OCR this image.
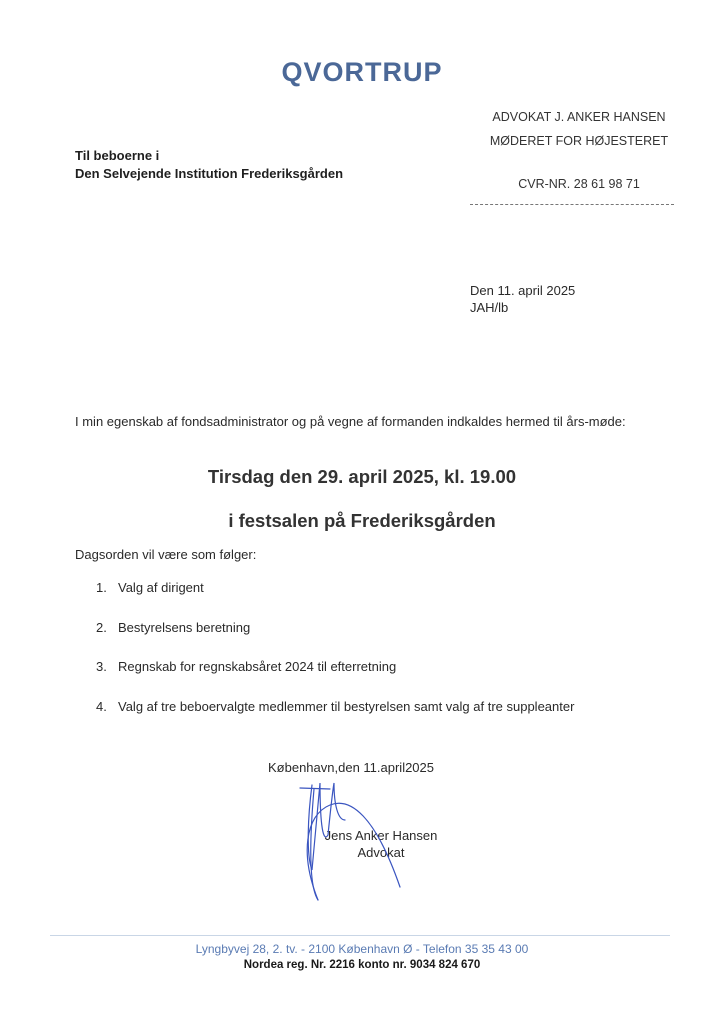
QVORTRUP
ADVOKAT J. ANKER HANSEN
MØDERET FOR HØJESTERET
CVR-NR. 28 61 98 71
Til beboerne i
Den Selvejende Institution Frederiksgården
Den 11. april 2025
JAH/lb
I min egenskab af fondsadministrator og på vegne af formanden indkaldes hermed til års-møde:
Tirsdag den 29. april 2025, kl. 19.00
i festsalen på Frederiksgården
Dagsorden vil være som følger:
1. Valg af dirigent
2. Bestyrelsens beretning
3. Regnskab for regnskabsåret 2024 til efterretning
4. Valg af tre beboervalgte medlemmer til bestyrelsen samt valg af tre suppleanter
København,den 11.april2025
Jens Anker Hansen
Advokat
Lyngbyvej 28, 2. tv. - 2100 København Ø - Telefon 35 35 43 00
Nordea reg. Nr. 2216 konto nr. 9034 824 670
